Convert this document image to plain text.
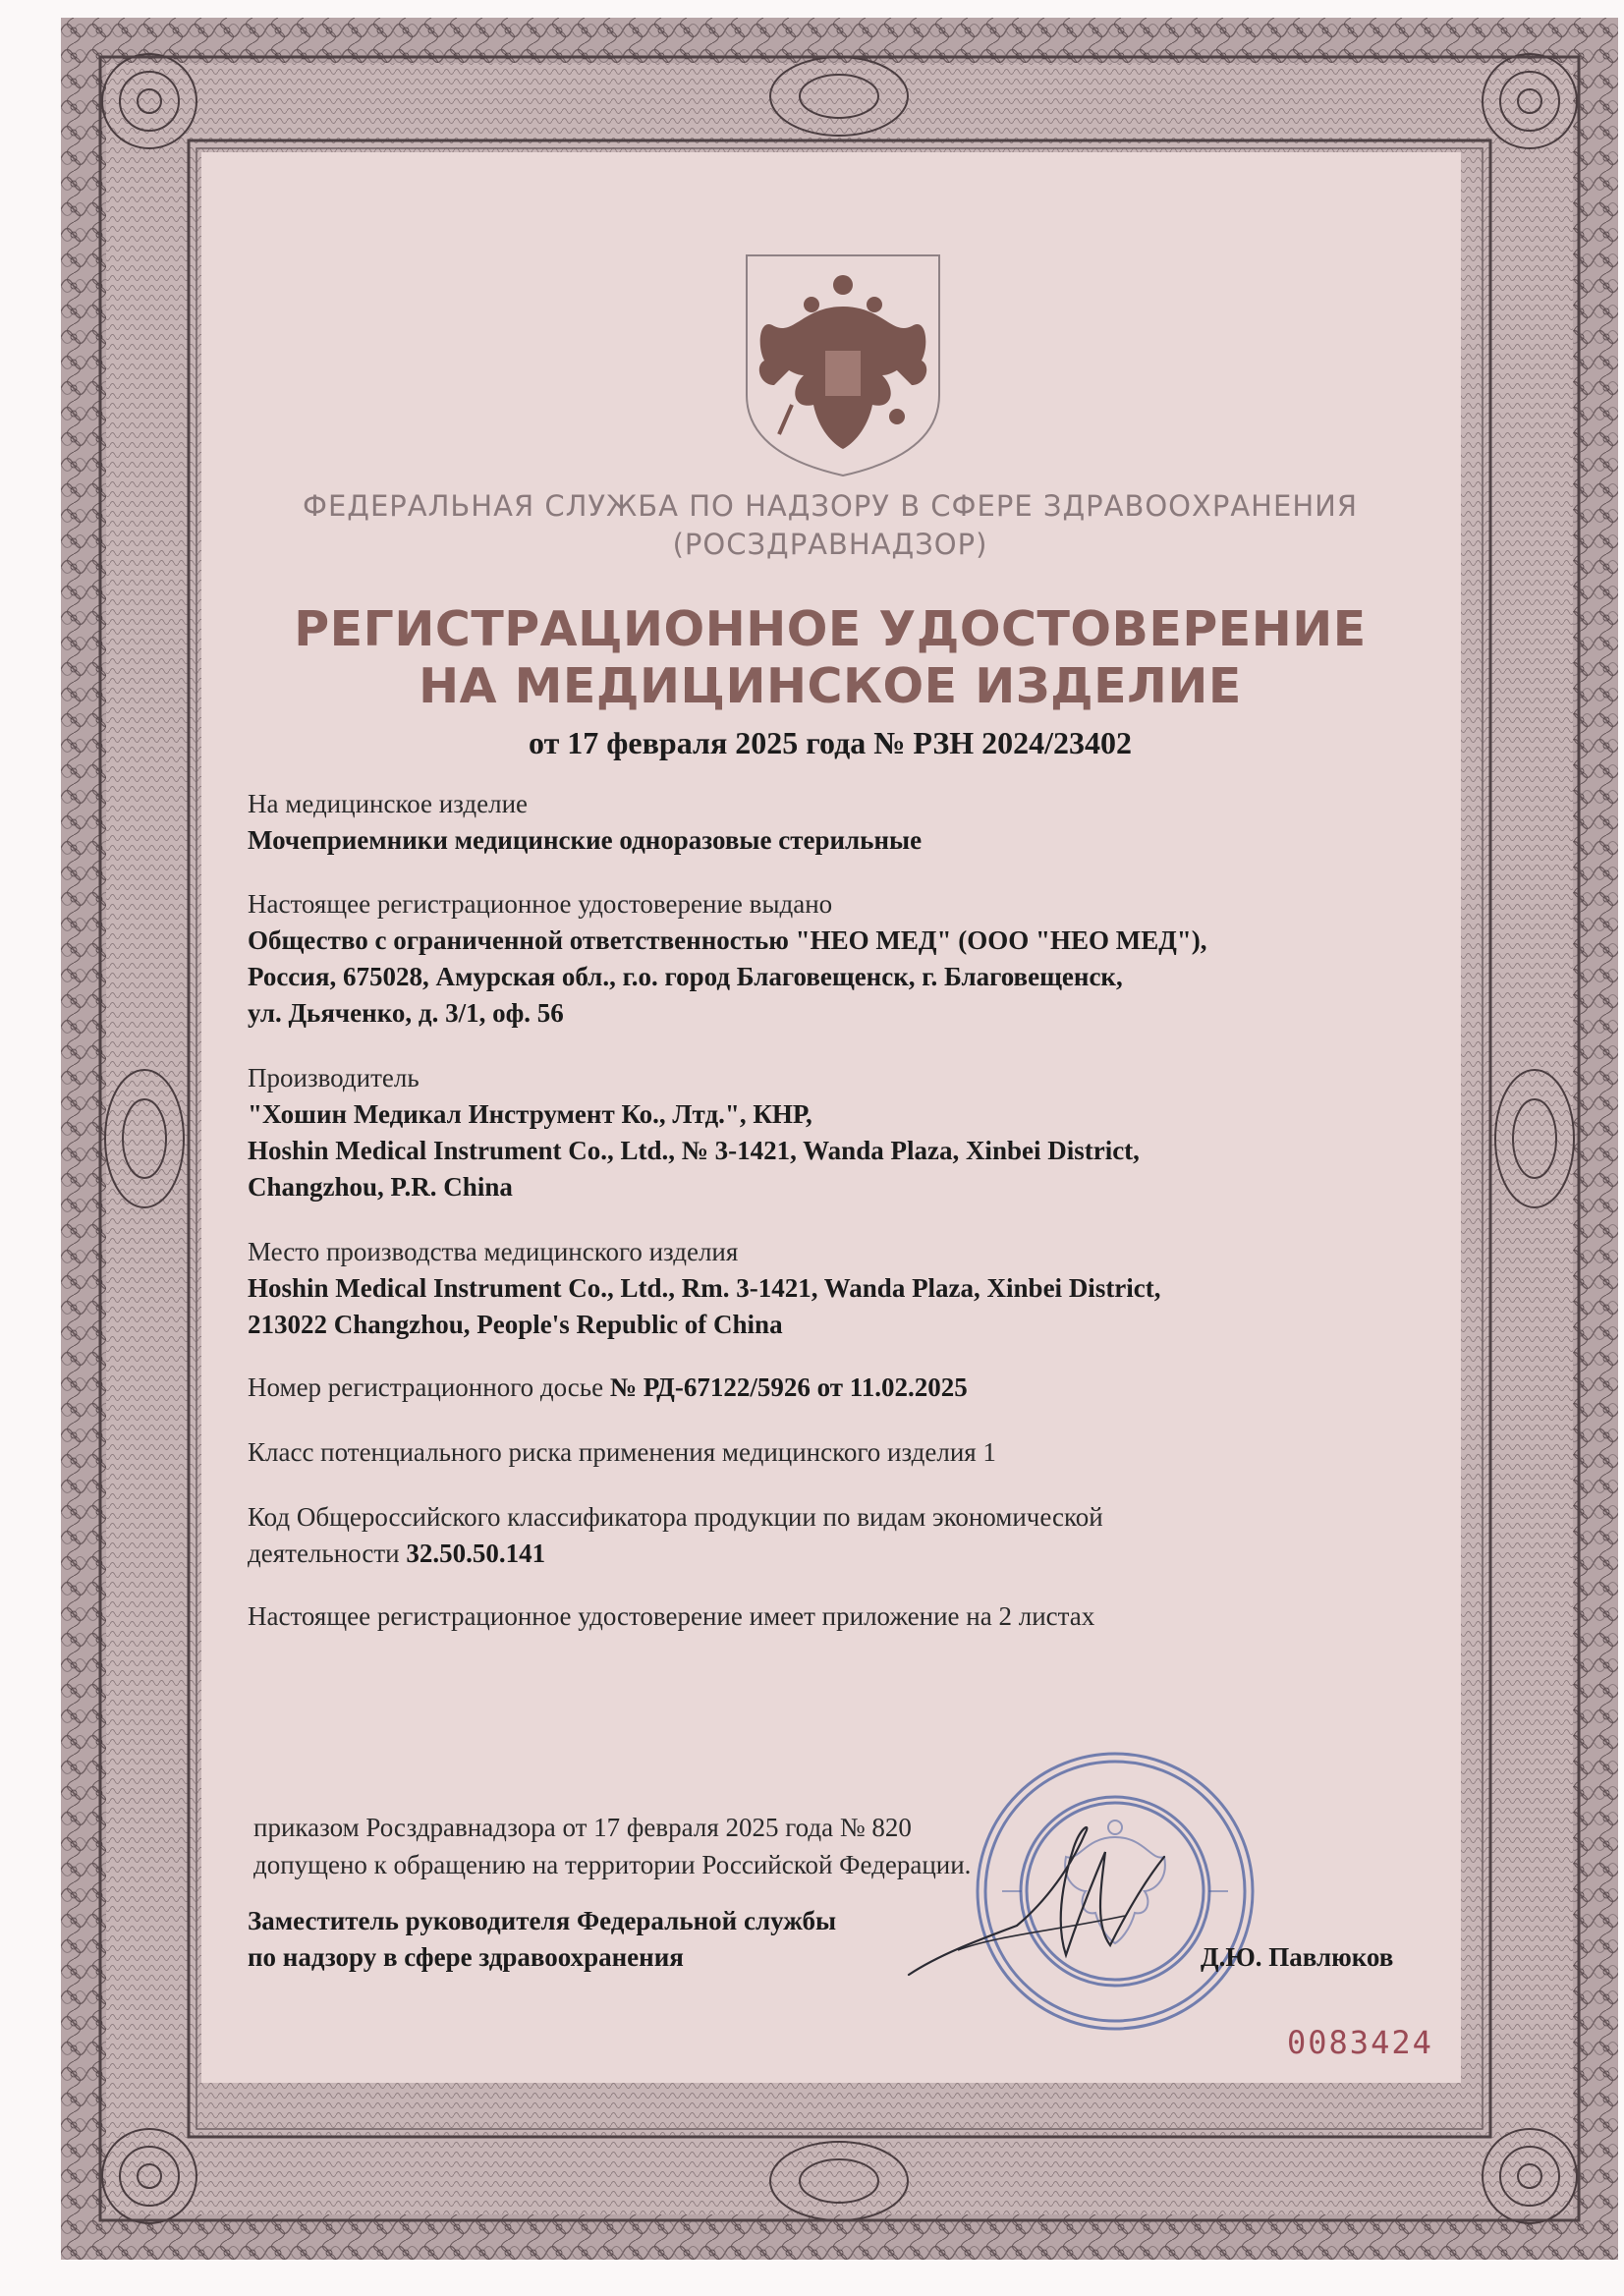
ФЕДЕРАЛЬНАЯ СЛУЖБА ПО НАДЗОРУ В СФЕРЕ ЗДРАВООХРАНЕНИЯ
(РОСЗДРАВНАДЗОР)
РЕГИСТРАЦИОННОЕ УДОСТОВЕРЕНИЕ
НА МЕДИЦИНСКОЕ ИЗДЕЛИЕ
от 17 февраля 2025 года № РЗН 2024/23402
На медицинское изделие
Мочеприемники медицинские одноразовые стерильные
Настоящее регистрационное удостоверение выдано
Общество с ограниченной ответственностью "НЕО МЕД" (ООО "НЕО МЕД"),
Россия, 675028, Амурская обл., г.о. город Благовещенск, г. Благовещенск,
ул. Дьяченко, д. 3/1, оф. 56
Производитель
"Хошин Медикал Инструмент Ко., Лтд.", КНР,
Hoshin Medical Instrument Co., Ltd., № 3-1421, Wanda Plaza, Xinbei District,
Changzhou, P.R. China
Место производства медицинского изделия
Hoshin Medical Instrument Co., Ltd., Rm. 3-1421, Wanda Plaza, Xinbei District,
213022 Changzhou, People's Republic of China
Номер регистрационного досье № РД-67122/5926 от 11.02.2025
Класс потенциального риска применения медицинского изделия 1
Код Общероссийского классификатора продукции по видам экономической
деятельности 32.50.50.141
Настоящее регистрационное удостоверение имеет приложение на 2 листах
приказом Росздравнадзора от 17 февраля 2025 года № 820
допущено к обращению на территории Российской Федерации.
Заместитель руководителя Федеральной службы
по надзору в сфере здравоохранения	Д.Ю. Павлюков
0083424
